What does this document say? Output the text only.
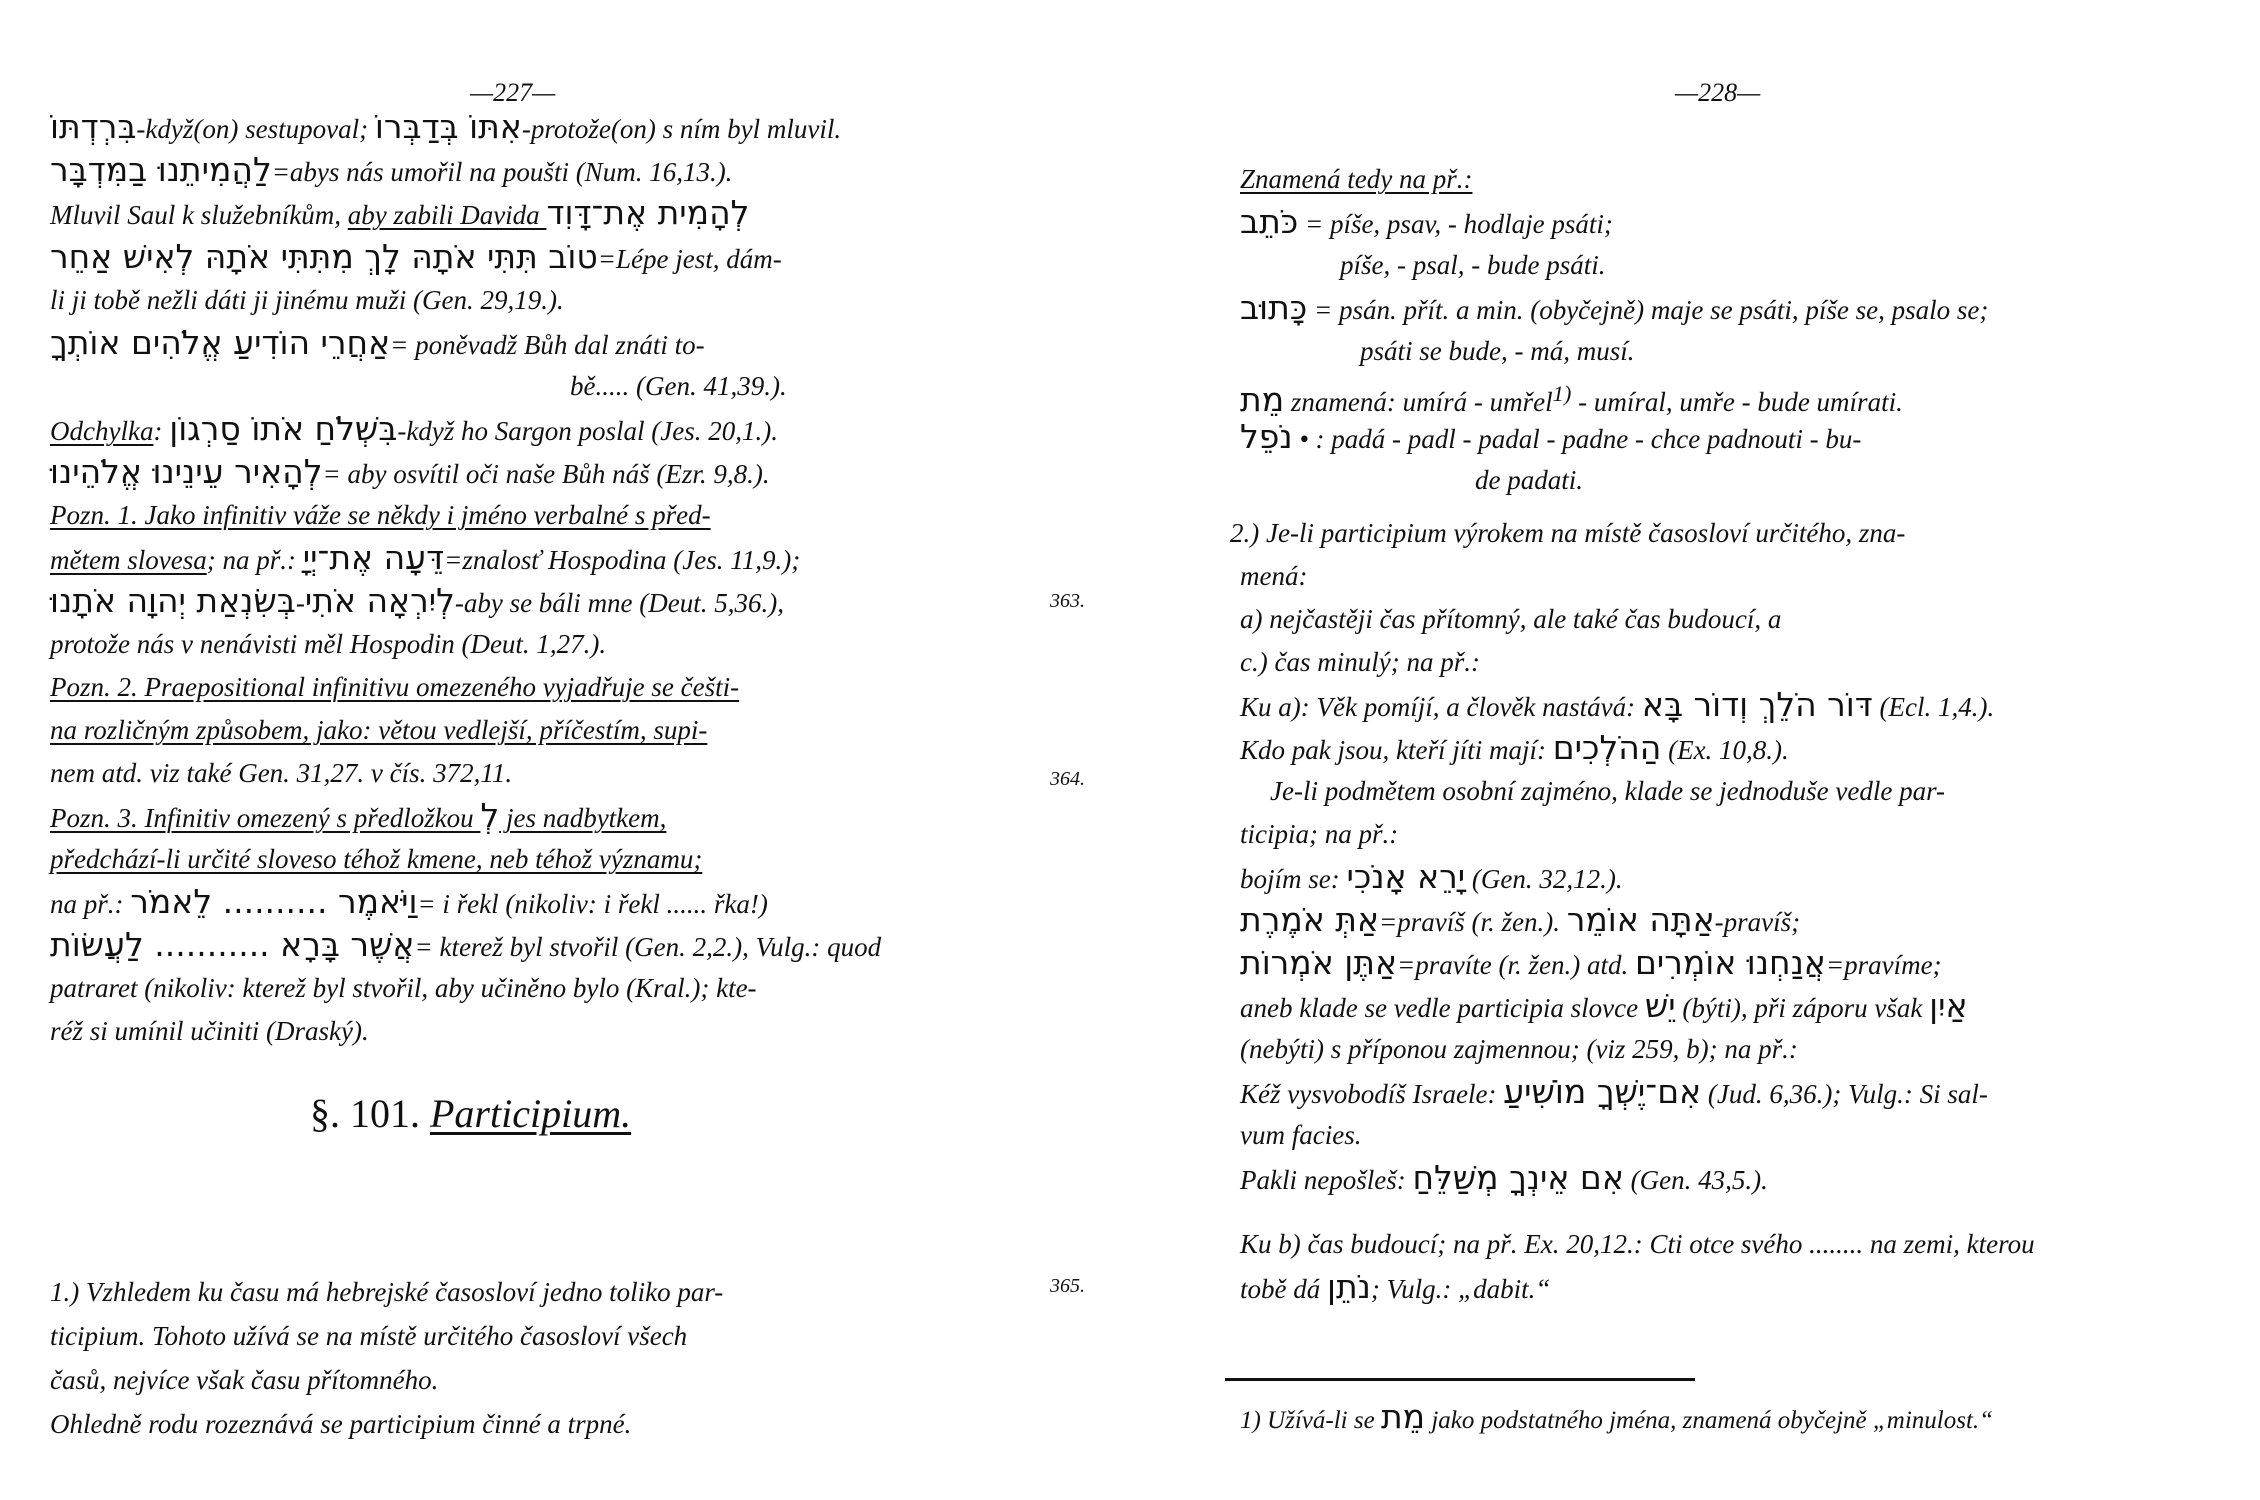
—227—
בִּרְדְתּוֹ-když(on) sestupoval; אִתּוֹ בְּדַבְּרוֹ-protože(on) s ním byl mluvil.
לַהֲמִיתֵנוּ בַמִּדְבָּר=abys nás umořil na poušti (Num. 16,13.).
Mluvil Saul k služebníkům, aby zabili Davida לְהָמִית אֶת־דָּוִד
טוֹב תִּתִּי אֹתָהּ לָךְ מִתִּתִּי אֹתָהּ לְאִישׁ אַחֵר=Lépe jest, dám-
li ji tobě nežli dáti ji jinému muži (Gen. 29,19.).
אַחֲרֵי הוֹדִיעַ אֱלֹהִים אוֹתְךָ= poněvadž Bůh dal znáti to-
bě..... (Gen. 41,39.).
Odchylka: בִּשְׁלֹחַ אֹתוֹ סַרְגוֹן-když ho Sargon poslal (Jes. 20,1.).
לְהָאִיר עֵינֵינוּ אֱלֹהֵינוּ= aby osvítil oči naše Bůh náš (Ezr. 9,8.).
Pozn. 1. Jako infinitiv váže se někdy i jméno verbalné s před-
mětem slovesa; na př.: דֵּעָה אֶת־יְיָ=znalosť Hospodina (Jes. 11,9.);
בְּשִׂנְאַת יְהוָה אֹתָנוּ-לְיִרְאָה אֹתִי-aby se báli mne (Deut. 5,36.),
protože nás v nenávisti měl Hospodin (Deut. 1,27.).
Pozn. 2. Praepositional infinitivu omezeného vyjadřuje se češti-
na rozličným způsobem, jako: větou vedlejší, příčestím, supi-
nem atd. viz také Gen. 31,27. v čís. 372,11.
Pozn. 3. Infinitiv omezený s předložkou לְ jes nadbytkem,
předchází-li určité sloveso téhož kmene, neb téhož významu;
na př.: וַיֹּאמֶר .......... לֵאמֹר= i řekl (nikoliv: i řekl ...... řka!)
אֲשֶׁר בָּרָא ........... לַעֲשׂוֹת= kterež byl stvořil (Gen. 2,2.), Vulg.: quod
patraret (nikoliv: kterež byl stvořil, aby učiněno bylo (Kral.); kte-
réž si umínil učiniti (Draský).
363.
364.
365.
§. 101. Participium.
1.) Vzhledem ku času má hebrejské časosloví jedno toliko par-
ticipium. Tohoto užívá se na místě určitého časosloví všech
časů, nejvíce však času přítomného.
Ohledně rodu rozeznává se participium činné a trpné.
—228—
Znamená tedy na př.:
כֹּתֵב = píše, psav, - hodlaje psáti;
píše, - psal, - bude psáti.
כָּתוּב = psán. přít. a min. (obyčejně) maje se psáti, píše se, psalo se;
psáti se bude, - má, musí.
מֵת znamená: umírá - umřel$^{1)}$ - umíral, umře - bude umírati.
נֹפֵל • : padá - padl - padal - padne - chce padnouti - bu-
de padati.
2.) Je-li participium výrokem na místě časosloví určitého, zna-
mená:
a) nejčastěji čas přítomný, ale také čas budoucí, a
c.) čas minulý; na př.:
Ku a): Věk pomíjí, a člověk nastává: דּוֹר הֹלֵךְ וְדוֹר בָּא (Ecl. 1,4.).
Kdo pak jsou, kteří jíti mají: הַהֹלְכִים (Ex. 10,8.).
Je-li podmětem osobní zajméno, klade se jednoduše vedle par-
ticipia; na př.:
bojím se: יָרֵא אָנֹכִי (Gen. 32,12.).
אַתְּ אֹמֶרֶת=pravíš (r. žen.). אַתָּה אוֹמֵר-pravíš;
אַתֶּן אֹמְרוֹת=pravíte (r. žen.) atd. אֲנַחְנוּ אוֹמְרִים=pravíme;
aneb klade se vedle participia slovce יֵשׁ (býti), při záporu však אַיִן
(nebýti) s příponou zajmennou; (viz 259, b); na př.:
Kéž vysvobodíš Israele: אִם־יֶשְׁךָ מוֹשִׁיעַ (Jud. 6,36.); Vulg.: Si sal-
vum facies.
Pakli nepošleš: אִם אֵינְךָ מְשַׁלֵּחַ (Gen. 43,5.).
Ku b) čas budoucí; na př. Ex. 20,12.: Cti otce svého ........ na zemi, kterou
tobě dá נֹתֵן; Vulg.: „dabit.“
1) Užívá-li se מֵת jako podstatného jména, znamená obyčejně „minulost.“
